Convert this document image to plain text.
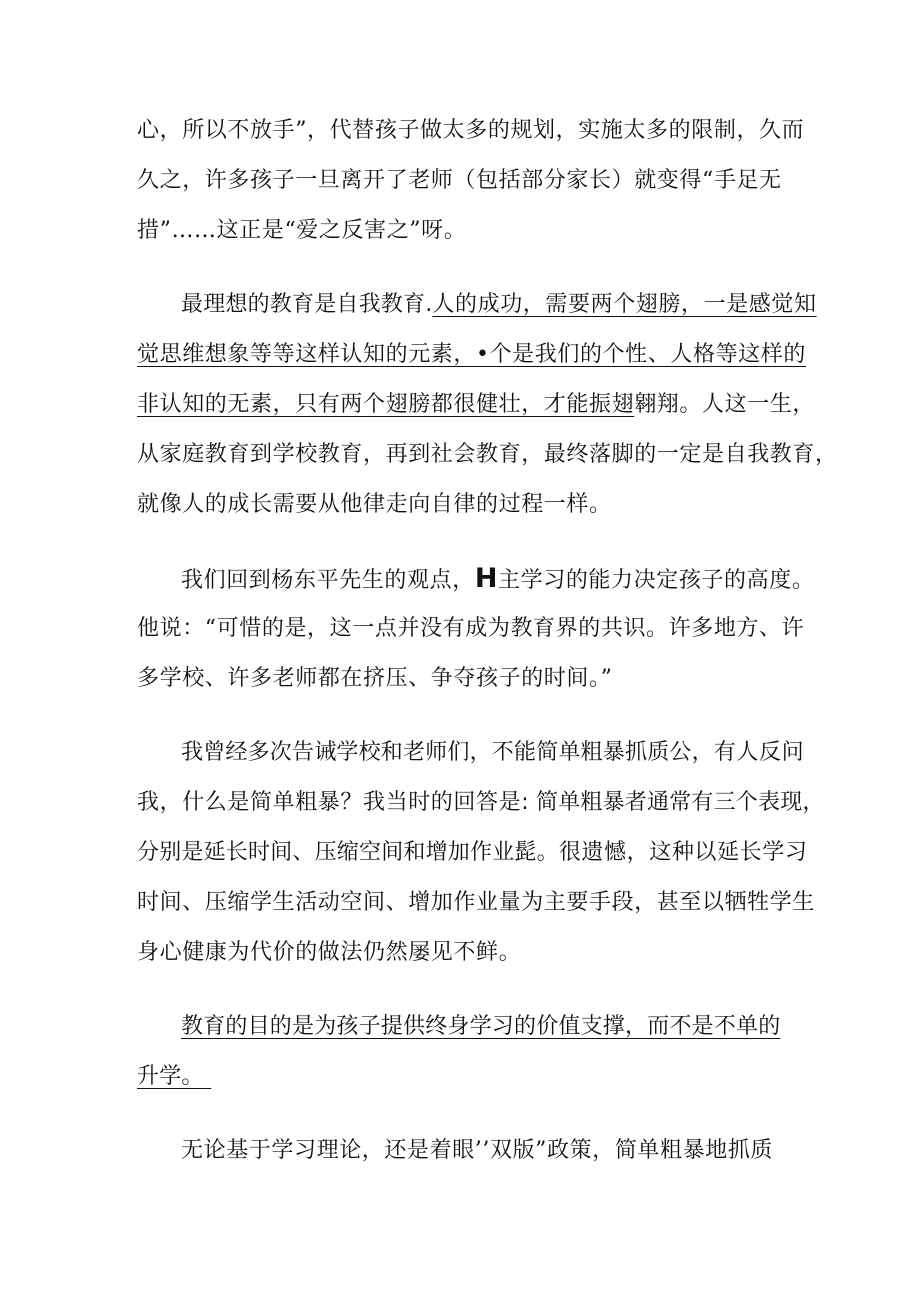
心，所以不放手”，代替孩子做太多的规划，实施太多的限制，久而
久之，许多孩子一旦离开了老师（包括部分家长）就变得“手足无
措”……这正是“爱之反害之”呀。
最理想的教育是自我教育.人的成功，需要两个翅膀，一是感觉知
觉思维想象等等这样认知的元素，•个是我们的个性、人格等这样的
非认知的无素，只有两个翅膀都很健壮，才能振翅翱翔。人这一生，
从家庭教育到学校教育，再到社会教育，最终落脚的一定是自我教育，
就像人的成长需要从他律走向自律的过程一样。
我们回到杨东平先生的观点，H主学习的能力决定孩子的高度。
他说：“可惜的是，这一点并没有成为教育界的共识。许多地方、许
多学校、许多老师都在挤压、争夺孩子的时间。”
我曾经多次告诫学校和老师们，不能简单粗暴抓质公，有人反问
我，什么是简单粗暴？我当时的回答是: 简单粗暴者通常有三个表现，
分别是延长时间、压缩空间和增加作业髭。很遗憾，这种以延长学习
时间、压缩学生活动空间、增加作业量为主要手段，甚至以牺牲学生
身心健康为代价的做法仍然屡见不鲜。
教育的目的是为孩子提供终身学习的价值支撑，而不是不单的
升学。
无论基于学习理论，还是着眼’’双版”政策，简单粗暴地抓质
